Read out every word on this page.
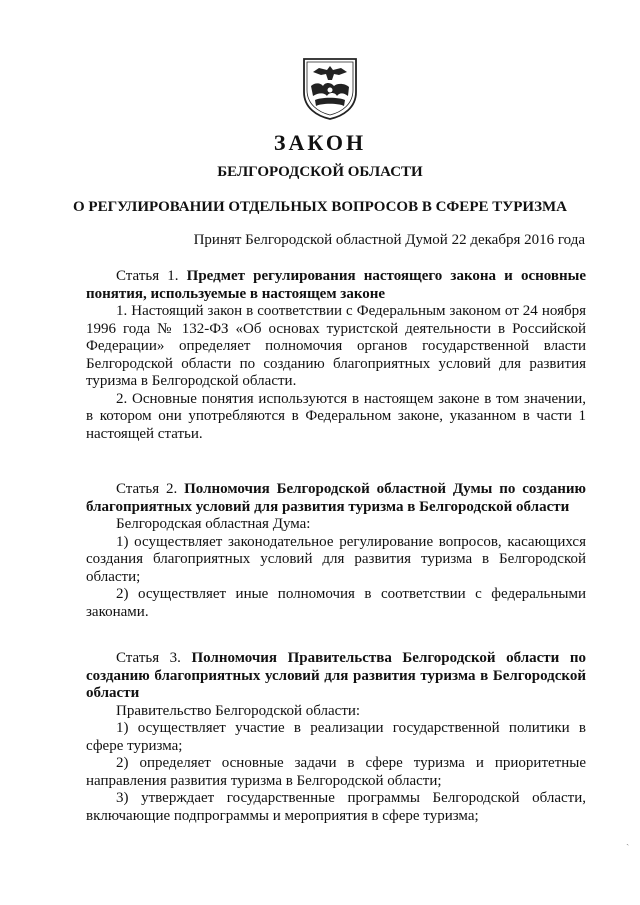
ЗАКОН
БЕЛГОРОДСКОЙ ОБЛАСТИ
О РЕГУЛИРОВАНИИ ОТДЕЛЬНЫХ ВОПРОСОВ В СФЕРЕ ТУРИЗМА
Принят Белгородской областной Думой 22 декабря 2016 года

Статья 1. Предмет регулирования настоящего закона и основные понятия, используемые в настоящем законе

1. Настоящий закон в соответствии с Федеральным законом от 24 ноября 1996 года № 132-ФЗ «Об основах туристской деятельности в Российской Федерации» определяет полномочия органов государственной власти Белгородской области по созданию благоприятных условий для развития туризма в Белгородской области.

2. Основные понятия используются в настоящем законе в том значении, в котором они употребляются в Федеральном законе, указанном в части 1 настоящей статьи.

Статья 2. Полномочия Белгородской областной Думы по созданию благоприятных условий для развития туризма в Белгородской области

Белгородская областная Дума:

1) осуществляет законодательное регулирование вопросов, касающихся создания благоприятных условий для развития туризма в Белгородской области;

2) осуществляет иные полномочия в соответствии с федеральными законами.

Статья 3. Полномочия Правительства Белгородской области по созданию благоприятных условий для развития туризма в Белгородской области

Правительство Белгородской области:

1) осуществляет участие в реализации государственной политики в сфере туризма;

2) определяет основные задачи в сфере туризма и приоритетные направления развития туризма в Белгородской области;

3) утверждает государственные программы Белгородской области, включающие подпрограммы и мероприятия в сфере туризма;

ˏ
